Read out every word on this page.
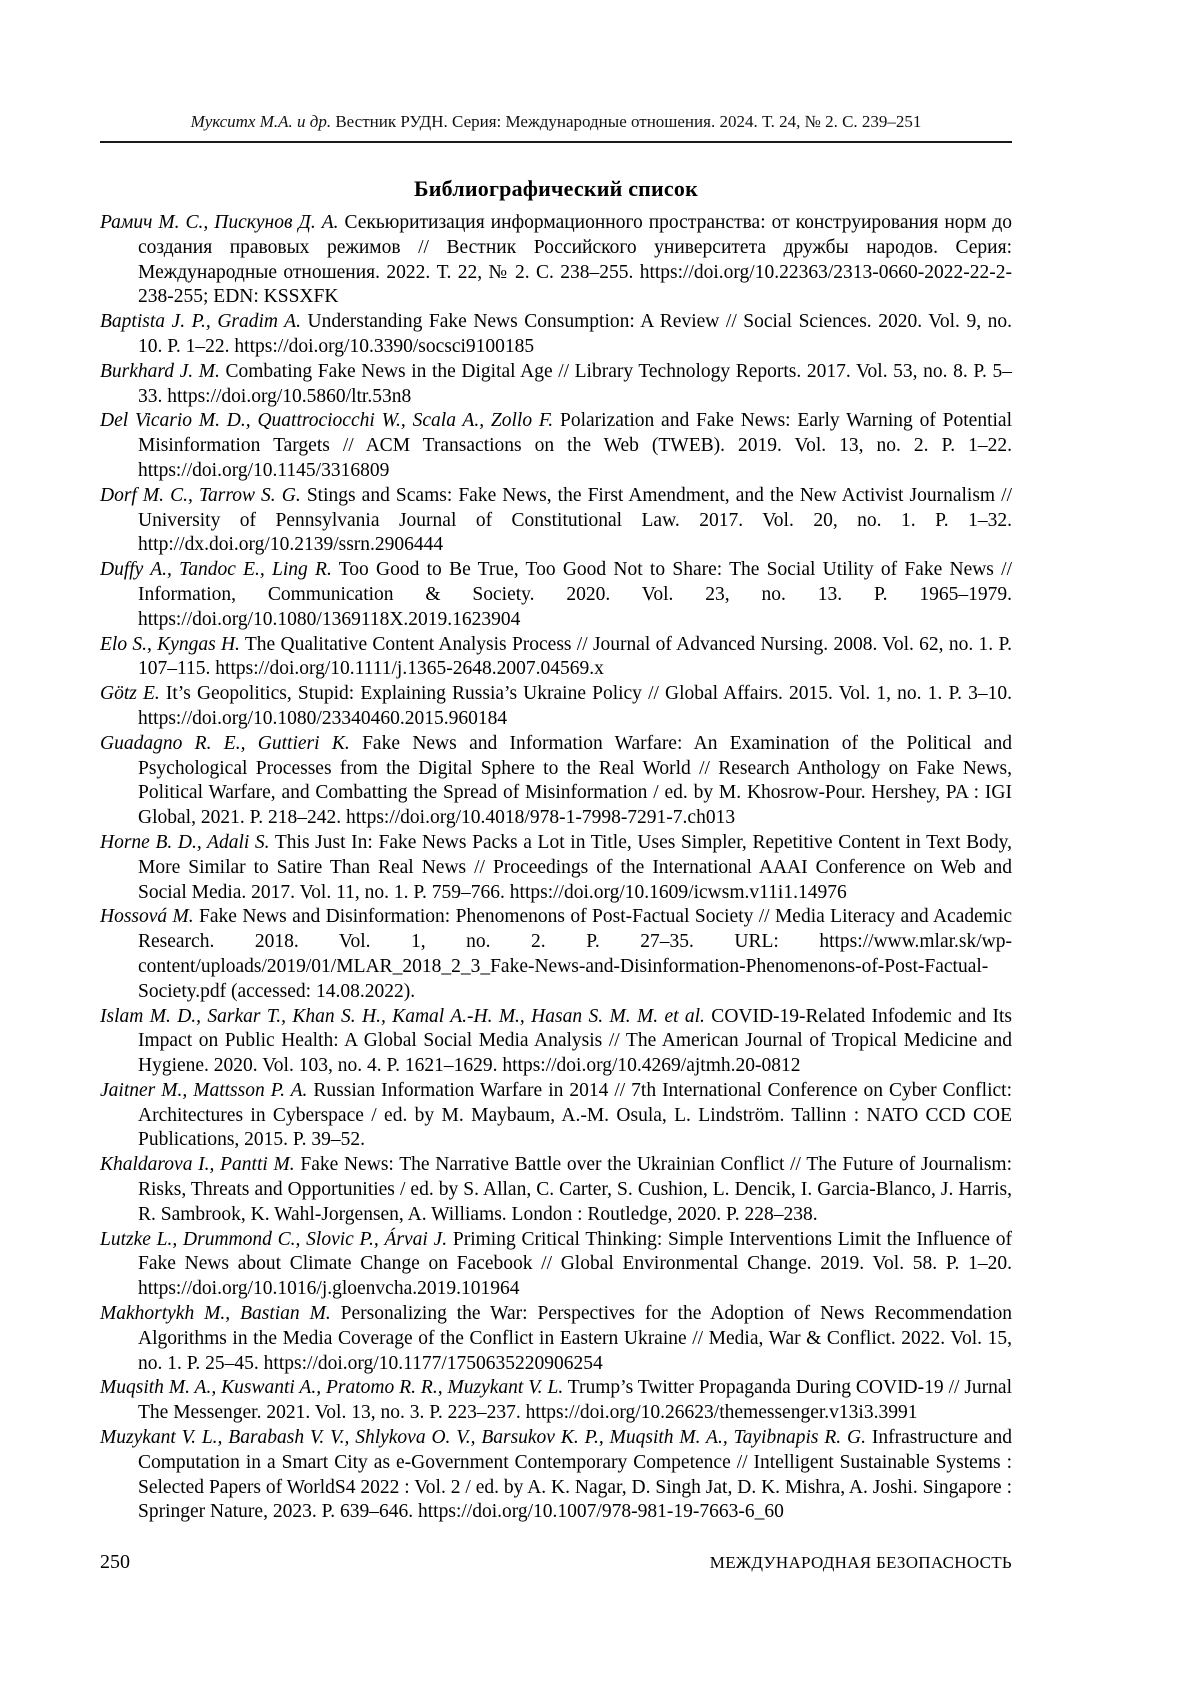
Мукситх М.А. и др. Вестник РУДН. Серия: Международные отношения. 2024. Т. 24, № 2. С. 239–251
Библиографический список

Рамич М. С., Пискунов Д. А. Секьюритизация информационного пространства: от конструирования норм до создания правовых режимов // Вестник Российского университета дружбы народов. Серия: Международные отношения. 2022. Т. 22, № 2. С. 238–255. https://doi.org/10.22363/2313-0660-2022-22-2-238-255; EDN: KSSXFK

Baptista J. P., Gradim A. Understanding Fake News Consumption: A Review // Social Sciences. 2020. Vol. 9, no. 10. P. 1–22. https://doi.org/10.3390/socsci9100185

Burkhard J. M. Combating Fake News in the Digital Age // Library Technology Reports. 2017. Vol. 53, no. 8. P. 5–33. https://doi.org/10.5860/ltr.53n8

Del Vicario M. D., Quattrociocchi W., Scala A., Zollo F. Polarization and Fake News: Early Warning of Potential Misinformation Targets // ACM Transactions on the Web (TWEB). 2019. Vol. 13, no. 2. P. 1–22. https://doi.org/10.1145/3316809

Dorf M. C., Tarrow S. G. Stings and Scams: Fake News, the First Amendment, and the New Activist Journalism // University of Pennsylvania Journal of Constitutional Law. 2017. Vol. 20, no. 1. P. 1–32. http://dx.doi.org/10.2139/ssrn.2906444

Duffy A., Tandoc E., Ling R. Too Good to Be True, Too Good Not to Share: The Social Utility of Fake News // Information, Communication & Society. 2020. Vol. 23, no. 13. P. 1965–1979. https://doi.org/10.1080/1369118X.2019.1623904

Elo S., Kyngas H. The Qualitative Content Analysis Process // Journal of Advanced Nursing. 2008. Vol. 62, no. 1. P. 107–115. https://doi.org/10.1111/j.1365-2648.2007.04569.x

Götz E. It’s Geopolitics, Stupid: Explaining Russia’s Ukraine Policy // Global Affairs. 2015. Vol. 1, no. 1. P. 3–10. https://doi.org/10.1080/23340460.2015.960184

Guadagno R. E., Guttieri K. Fake News and Information Warfare: An Examination of the Political and Psychological Processes from the Digital Sphere to the Real World // Research Anthology on Fake News, Political Warfare, and Combatting the Spread of Misinformation / ed. by M. Khosrow-Pour. Hershey, PA : IGI Global, 2021. P. 218–242. https://doi.org/10.4018/978-1-7998-7291-7.ch013

Horne B. D., Adali S. This Just In: Fake News Packs a Lot in Title, Uses Simpler, Repetitive Content in Text Body, More Similar to Satire Than Real News // Proceedings of the International AAAI Conference on Web and Social Media. 2017. Vol. 11, no. 1. P. 759–766. https://doi.org/10.1609/icwsm.v11i1.14976

Hossová M. Fake News and Disinformation: Phenomenons of Post-Factual Society // Media Literacy and Academic Research. 2018. Vol. 1, no. 2. P. 27–35. URL: https://www.mlar.sk/wp-content/uploads/2019/01/MLAR_2018_2_3_Fake-News-and-Disinformation-Phenomenons-of-Post-Factual-Society.pdf (accessed: 14.08.2022).

Islam M. D., Sarkar T., Khan S. H., Kamal A.-H. M., Hasan S. M. M. et al. COVID-19-Related Infodemic and Its Impact on Public Health: A Global Social Media Analysis // The American Journal of Tropical Medicine and Hygiene. 2020. Vol. 103, no. 4. P. 1621–1629. https://doi.org/10.4269/ajtmh.20-0812

Jaitner M., Mattsson P. A. Russian Information Warfare in 2014 // 7th International Conference on Cyber Conflict: Architectures in Cyberspace / ed. by M. Maybaum, A.-M. Osula, L. Lindström. Tallinn : NATO CCD COE Publications, 2015. P. 39–52.

Khaldarova I., Pantti M. Fake News: The Narrative Battle over the Ukrainian Conflict // The Future of Journalism: Risks, Threats and Opportunities / ed. by S. Allan, C. Carter, S. Cushion, L. Dencik, I. Garcia-Blanco, J. Harris, R. Sambrook, K. Wahl-Jorgensen, A. Williams. London : Routledge, 2020. P. 228–238.

Lutzke L., Drummond C., Slovic P., Árvai J. Priming Critical Thinking: Simple Interventions Limit the Influence of Fake News about Climate Change on Facebook // Global Environmental Change. 2019. Vol. 58. P. 1–20. https://doi.org/10.1016/j.gloenvcha.2019.101964

Makhortykh M., Bastian M. Personalizing the War: Perspectives for the Adoption of News Recommendation Algorithms in the Media Coverage of the Conflict in Eastern Ukraine // Media, War & Conflict. 2022. Vol. 15, no. 1. P. 25–45. https://doi.org/10.1177/1750635220906254

Muqsith M. A., Kuswanti A., Pratomo R. R., Muzykant V. L. Trump’s Twitter Propaganda During COVID-19 // Jurnal The Messenger. 2021. Vol. 13, no. 3. P. 223–237. https://doi.org/10.26623/themessenger.v13i3.3991

Muzykant V. L., Barabash V. V., Shlykova O. V., Barsukov K. P., Muqsith M. A., Tayibnapis R. G. Infrastructure and Computation in a Smart City as e-Government Contemporary Competence // Intelligent Sustainable Systems : Selected Papers of WorldS4 2022 : Vol. 2 / ed. by A. K. Nagar, D. Singh Jat, D. K. Mishra, A. Joshi. Singapore : Springer Nature, 2023. P. 639–646. https://doi.org/10.1007/978-981-19-7663-6_60

250	МЕЖДУНАРОДНАЯ БЕЗОПАСНОСТЬ
